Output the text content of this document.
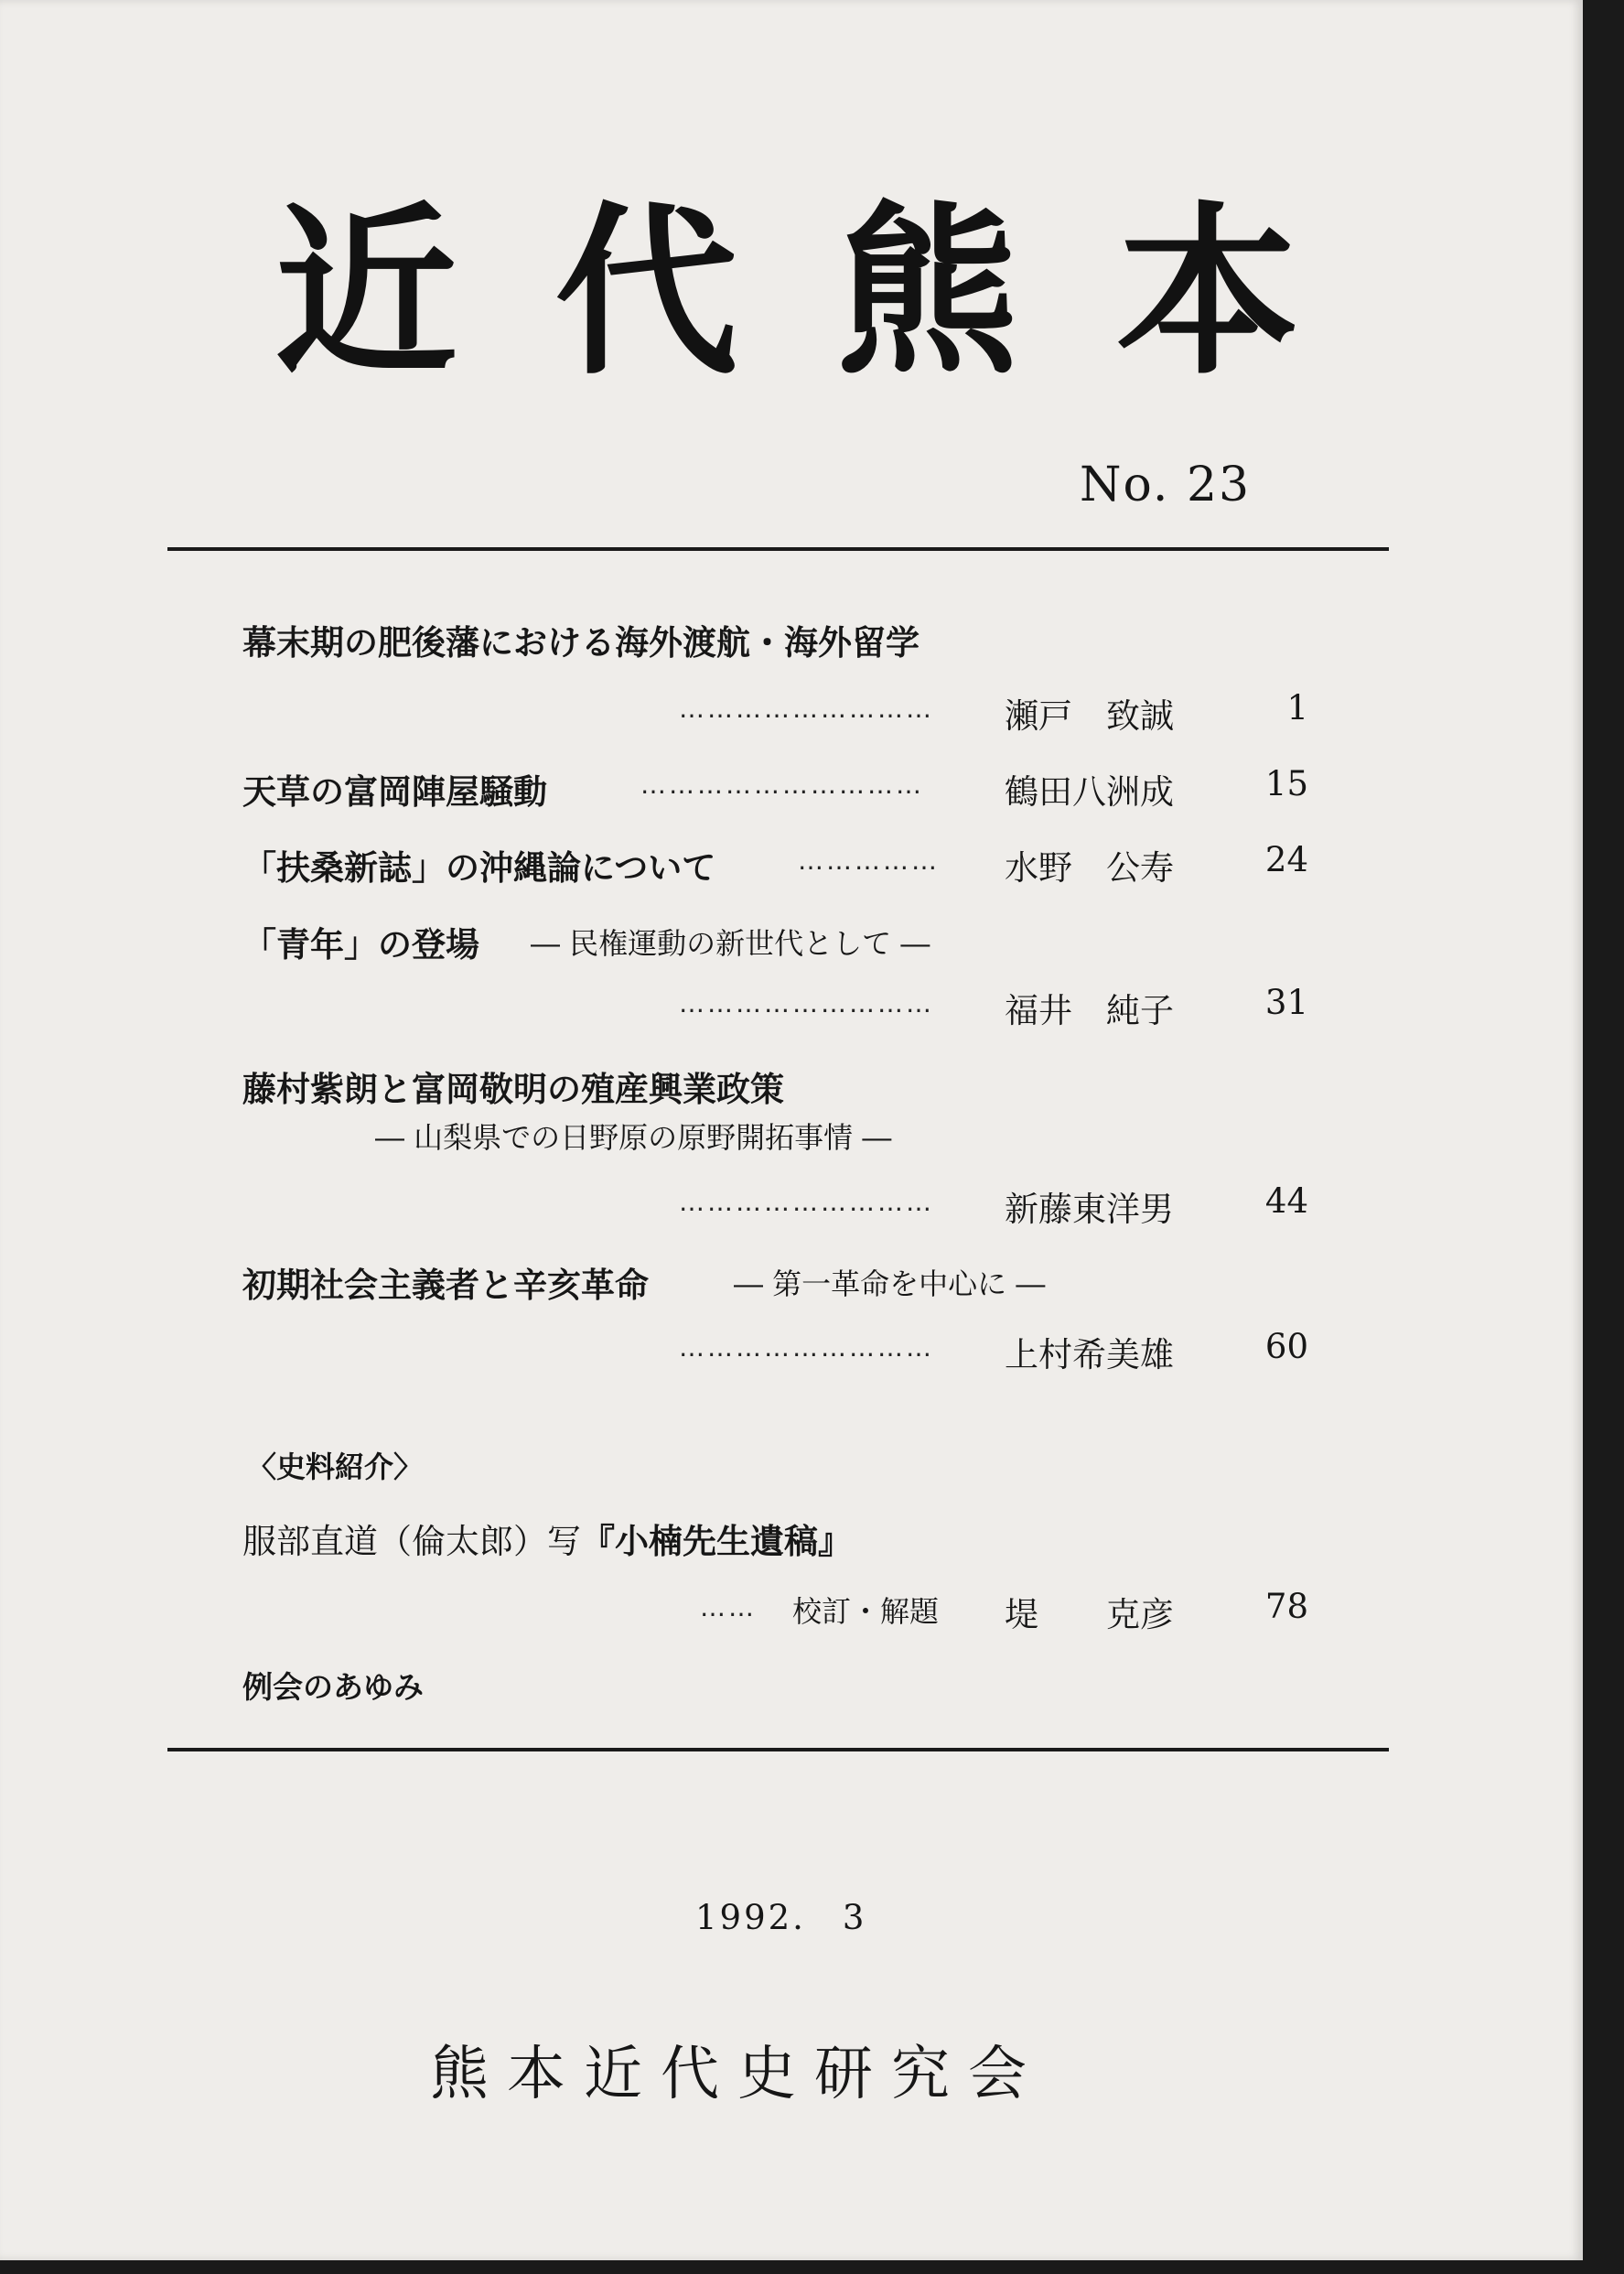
近 代 熊 本
No. 23
幕末期の肥後藩における海外渡航・海外留学
……………………… 瀬戸　致誠	1
天草の富岡陣屋騒動	………………………… 鶴田八洲成	15
「扶桑新誌」の沖縄論について	…………… 水野　公寿	24
「青年」の登場 ― 民権運動の新世代として ―
……………………… 福井　純子	31
藤村紫朗と富岡敬明の殖産興業政策
― 山梨県での日野原の原野開拓事情 ―
……………………… 新藤東洋男	44
初期社会主義者と辛亥革命	― 第一革命を中心に ―
……………………… 上村希美雄	60
〈史料紹介〉
服部直道（倫太郎）写『小楠先生遺稿』
…… 校訂・解題 堤　　克彦	78
例会のあゆみ
1992.　3
熊本近代史研究会
